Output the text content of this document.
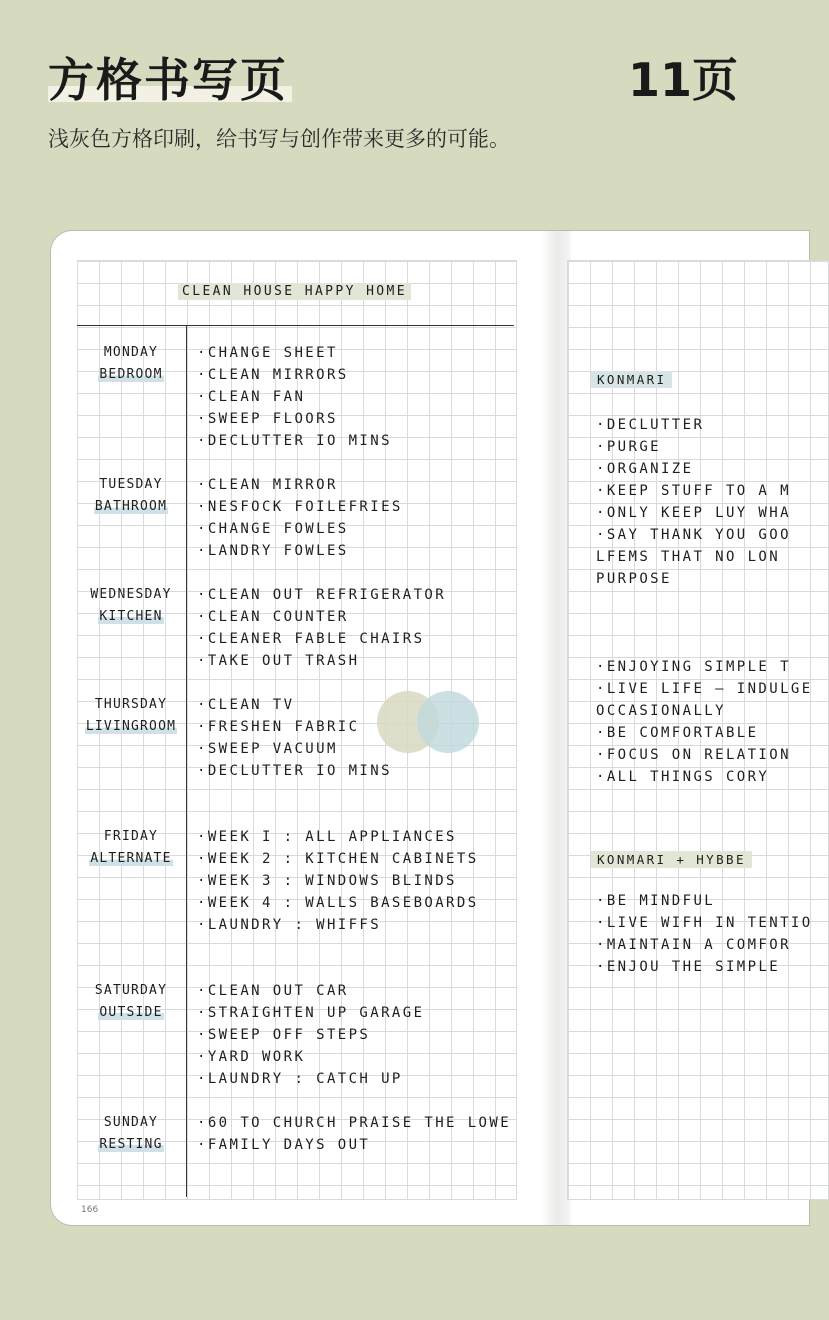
方格书写页	11页
浅灰色方格印刷，给书写与创作带来更多的可能。
CLEAN HOUSE HAPPY HOME
KONMARI
KONMARI + HYBBE
166
MONDAY
BEDROOM
·CHANGE SHEET
·CLEAN MIRRORS
·CLEAN FAN
·SWEEP FLOORS
·DECLUTTER IO MINS
TUESDAY
BATHROOM
·CLEAN MIRROR
·NESFOCK FOILEFRIES
·CHANGE FOWLES
·LANDRY FOWLES
WEDNESDAY
KITCHEN
·CLEAN OUT REFRIGERATOR
·CLEAN COUNTER
·CLEANER FABLE CHAIRS
·TAKE OUT TRASH
THURSDAY
LIVINGROOM
·CLEAN TV
·FRESHEN FABRIC
·SWEEP VACUUM
·DECLUTTER IO MINS
FRIDAY
ALTERNATE
·WEEK I : ALL APPLIANCES
·WEEK 2 : KITCHEN CABINETS
·WEEK 3 : WINDOWS BLINDS
·WEEK 4 : WALLS BASEBOARDS
·LAUNDRY : WHIFFS
SATURDAY
OUTSIDE
·CLEAN OUT CAR
·STRAIGHTEN UP GARAGE
·SWEEP OFF STEPS
·YARD WORK
·LAUNDRY : CATCH UP
SUNDAY
RESTING
·60 TO CHURCH PRAISE THE LOWE
·FAMILY DAYS OUT
·DECLUTTER
·PURGE
·ORGANIZE
·KEEP STUFF TO A M
·ONLY KEEP LUY WHA
·SAY THANK YOU GOO
LFEMS THAT NO LON
PURPOSE
·ENJOYING SIMPLE T
·LIVE LIFE — INDULGE
OCCASIONALLY
·BE COMFORTABLE
·FOCUS ON RELATION
·ALL THINGS CORY
·BE MINDFUL
·LIVE WIFH IN TENTIO
·MAINTAIN A COMFOR
·ENJOU THE SIMPLE
